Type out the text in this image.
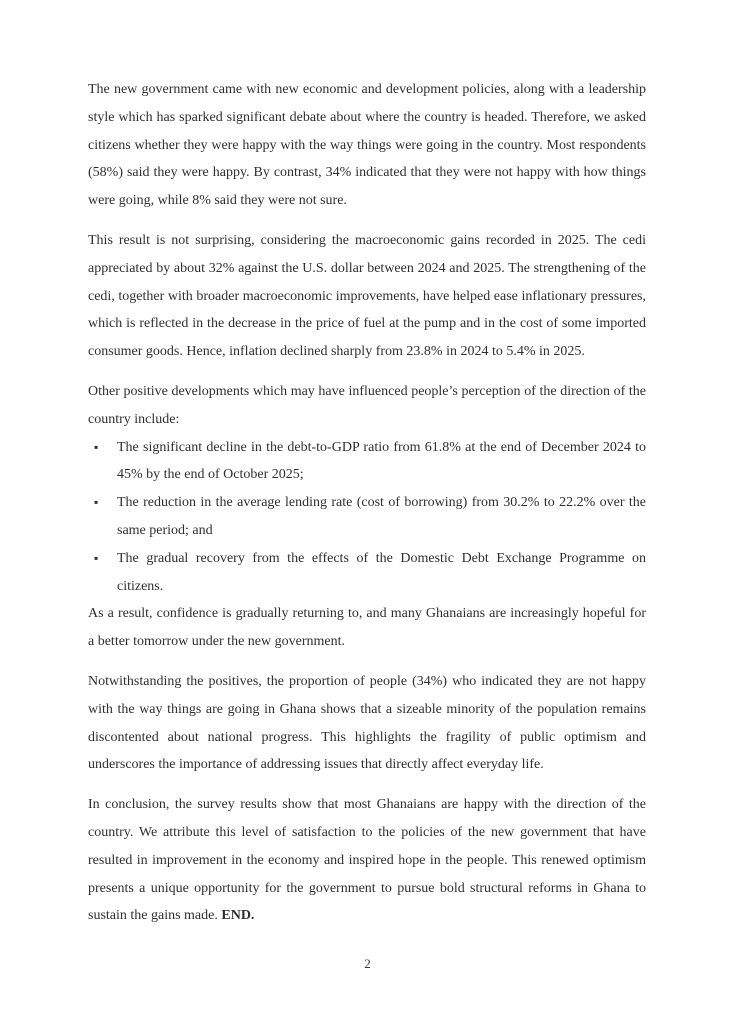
The new government came with new economic and development policies, along with a leadership style which has sparked significant debate about where the country is headed. Therefore, we asked citizens whether they were happy with the way things were going in the country. Most respondents (58%) said they were happy. By contrast, 34% indicated that they were not happy with how things were going, while 8% said they were not sure.

This result is not surprising, considering the macroeconomic gains recorded in 2025. The cedi appreciated by about 32% against the U.S. dollar between 2024 and 2025. The strengthening of the cedi, together with broader macroeconomic improvements, have helped ease inflationary pressures, which is reflected in the decrease in the price of fuel at the pump and in the cost of some imported consumer goods. Hence, inflation declined sharply from 23.8% in 2024 to 5.4% in 2025.

Other positive developments which may have influenced people’s perception of the direction of the country include:

▪	The significant decline in the debt-to-GDP ratio from 61.8% at the end of December 2024 to 45% by the end of October 2025;
▪	The reduction in the average lending rate (cost of borrowing) from 30.2% to 22.2% over the same period; and
▪	The gradual recovery from the effects of the Domestic Debt Exchange Programme on citizens.

As a result, confidence is gradually returning to, and many Ghanaians are increasingly hopeful for a better tomorrow under the new government.

Notwithstanding the positives, the proportion of people (34%) who indicated they are not happy with the way things are going in Ghana shows that a sizeable minority of the population remains discontented about national progress. This highlights the fragility of public optimism and underscores the importance of addressing issues that directly affect everyday life.

In conclusion, the survey results show that most Ghanaians are happy with the direction of the country. We attribute this level of satisfaction to the policies of the new government that have resulted in improvement in the economy and inspired hope in the people. This renewed optimism presents a unique opportunity for the government to pursue bold structural reforms in Ghana to sustain the gains made. END.

2
